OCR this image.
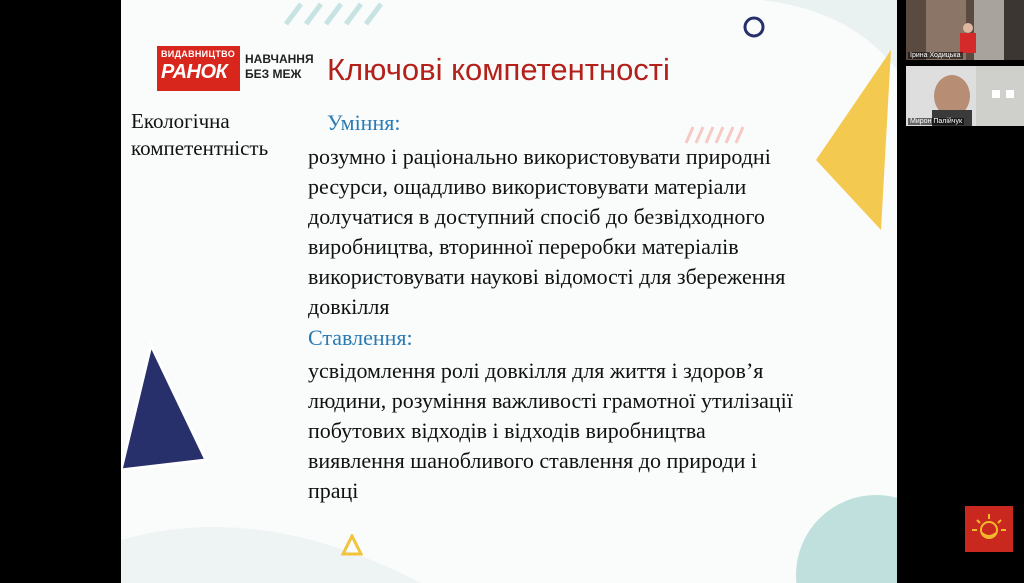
ВИДАВНИЦТВО
РАНОК
НАВЧАННЯ БЕЗ МЕЖ Ключові компетентності
Екологічна компетентність
Уміння:
розумно і раціонально використовувати природні
ресурси, ощадливо використовувати матеріали
долучатися в доступний спосіб до безвідходного
виробництва, вторинної переробки матеріалів
використовувати наукові відомості для збереження
довкілля
Ставлення:
усвідомлення ролі довкілля для життя і здоров’я
людини, розуміння важливості грамотної утилізації
побутових відходів і відходів виробництва
виявлення шанобливого ставлення до природи і
праці
Ірина Ходицька
Мирон Палійчук
